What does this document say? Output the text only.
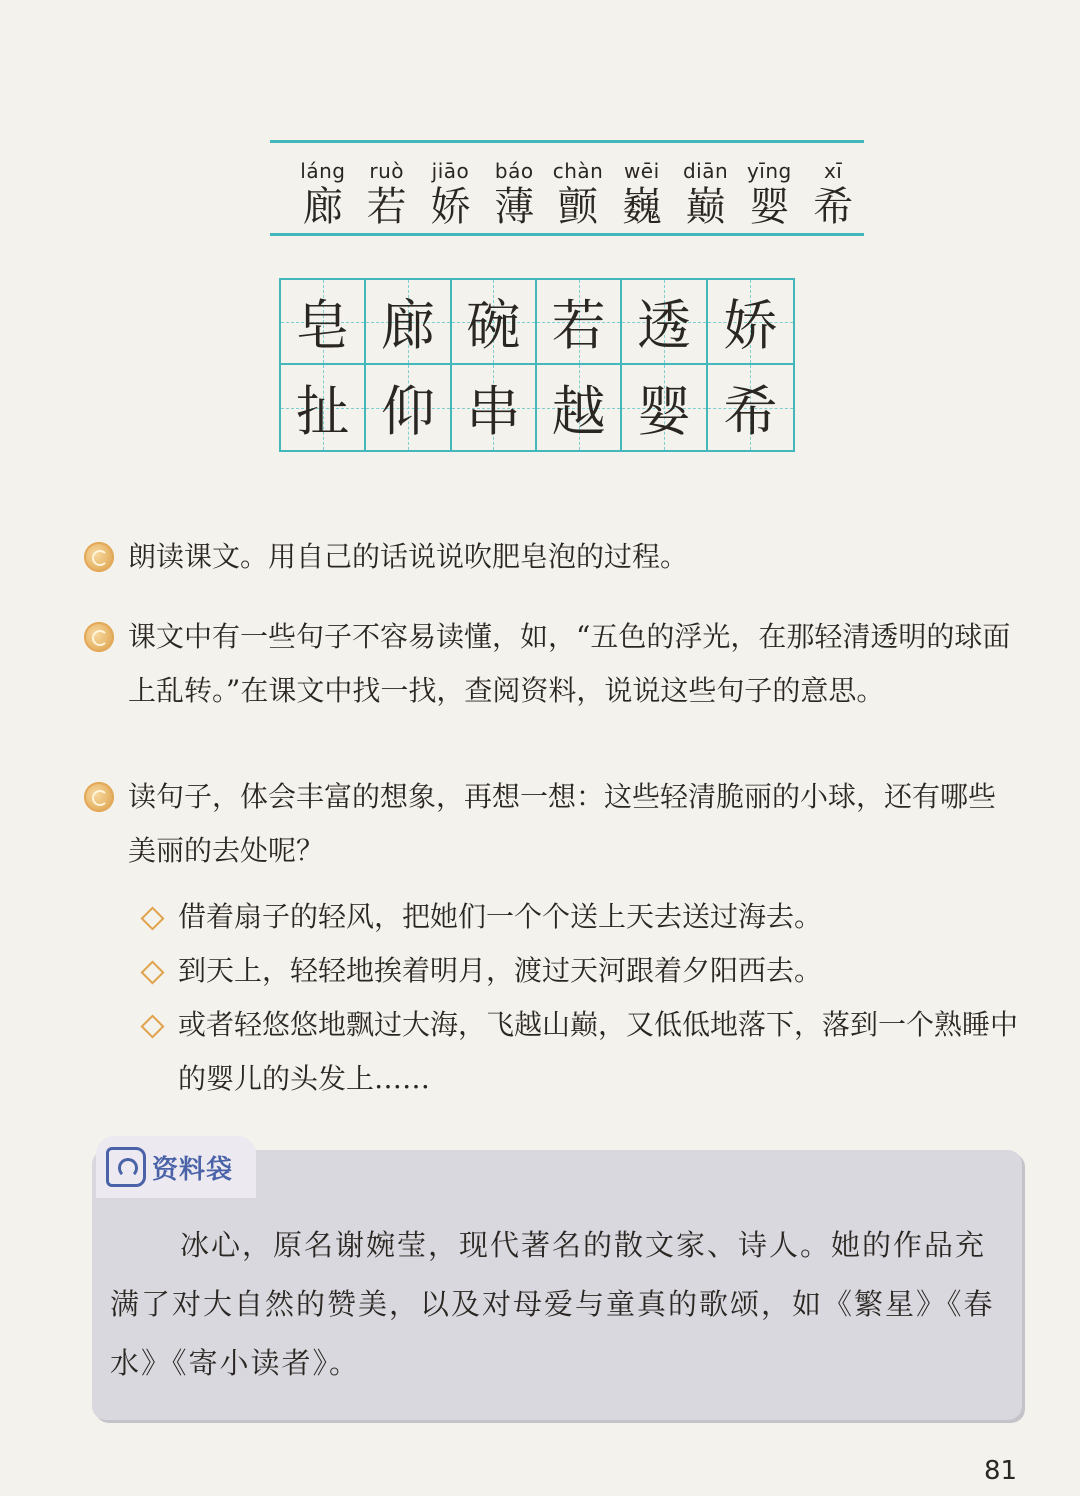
láng
廊
ruò
若
jiāo
娇
báo
薄
chàn
颤
wēi
巍
diān
巅
yīng
婴
xī
希
皂 廊 碗 若 透 娇
扯 仰 串 越 婴 希
朗读课文。用自己的话说说吹肥皂泡的过程。
课文中有一些句子不容易读懂，如，“五色的浮光，在那轻清透明的球面上乱转。”在课文中找一找，查阅资料，说说这些句子的意思。
读句子，体会丰富的想象，再想一想：这些轻清脆丽的小球，还有哪些美丽的去处呢？
借着扇子的轻风，把她们一个个送上天去送过海去。
到天上，轻轻地挨着明月，渡过天河跟着夕阳西去。
或者轻悠悠地飘过大海，飞越山巅，又低低地落下，落到一个熟睡中的婴儿的头发上……
资料袋
冰心，原名谢婉莹，现代著名的散文家、诗人。她的作品充满了对大自然的赞美，以及对母爱与童真的歌颂，如《繁星》《春水》《寄小读者》。
81
